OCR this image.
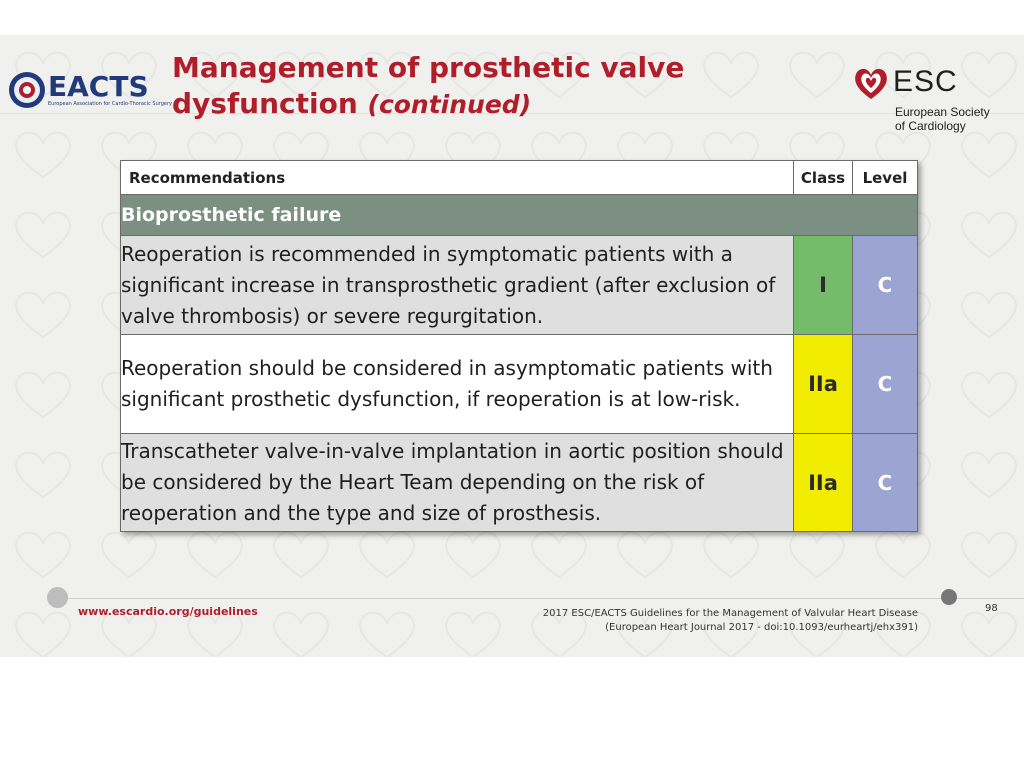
EACTS
European Association for Cardio-Thoracic Surgery
Management of prosthetic valve dysfunction (continued)
ESC
European Society
of Cardiology
Recommendations	Class	Level
Bioprosthetic failure		
Reoperation is recommended in symptomatic patients with a significant increase in transprosthetic gradient (after exclusion of valve thrombosis) or severe regurgitation.	I	C
Reoperation should be considered in asymptomatic patients with significant prosthetic dysfunction, if reoperation is at low-risk.	IIa	C
Transcatheter valve-in-valve implantation in aortic position should be considered by the Heart Team depending on the risk of reoperation and the type and size of prosthesis.	IIa	C
www.escardio.org/guidelines	2017 ESC/EACTS Guidelines for the Management of Valvular Heart Disease
(European Heart Journal 2017 - doi:10.1093/eurheartj/ehx391)
98
